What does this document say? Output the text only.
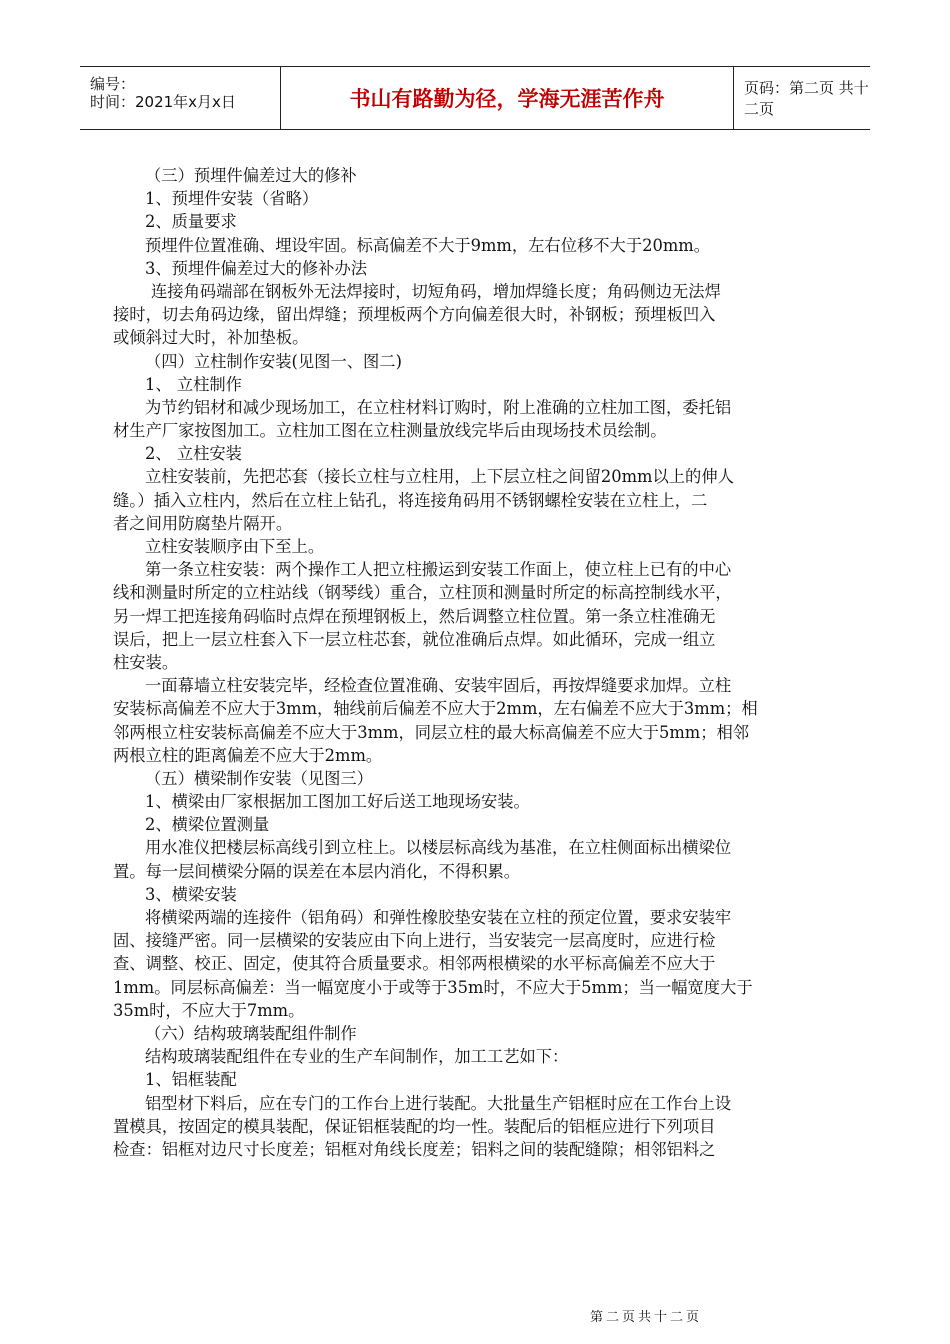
编号：
时间：2021年x月x日	书山有路勤为径，学海无涯苦作舟	页码：第二页 共十二页
（三）预埋件偏差过大的修补
1、预埋件安装（省略）
2、质量要求
预埋件位置准确、埋设牢固。标高偏差不大于9mm，左右位移不大于20mm。
3、预埋件偏差过大的修补办法
连接角码端部在钢板外无法焊接时，切短角码，增加焊缝长度；角码侧边无法焊
接时，切去角码边缘，留出焊缝；预埋板两个方向偏差很大时，补钢板；预埋板凹入
或倾斜过大时，补加垫板。
（四）立柱制作安装(见图一、图二)
1、 立柱制作
为节约铝材和减少现场加工，在立柱材料订购时，附上准确的立柱加工图，委托铝
材生产厂家按图加工。立柱加工图在立柱测量放线完毕后由现场技术员绘制。
2、 立柱安装
立柱安装前，先把芯套（接长立柱与立柱用，上下层立柱之间留20mm以上的伸人
缝。）插入立柱内，然后在立柱上钻孔，将连接角码用不锈钢螺栓安装在立柱上，二
者之间用防腐垫片隔开。
立柱安装顺序由下至上。
第一条立柱安装：两个操作工人把立柱搬运到安装工作面上，使立柱上已有的中心
线和测量时所定的立柱站线（钢琴线）重合，立柱顶和测量时所定的标高控制线水平，
另一焊工把连接角码临时点焊在预埋钢板上，然后调整立柱位置。第一条立柱准确无
误后，把上一层立柱套入下一层立柱芯套，就位准确后点焊。如此循环，完成一组立
柱安装。
一面幕墙立柱安装完毕，经检查位置准确、安装牢固后，再按焊缝要求加焊。立柱
安装标高偏差不应大于3mm，轴线前后偏差不应大于2mm，左右偏差不应大于3mm；相
邻两根立柱安装标高偏差不应大于3mm，同层立柱的最大标高偏差不应大于5mm；相邻
两根立柱的距离偏差不应大于2mm。
（五）横梁制作安装（见图三）
1、横梁由厂家根据加工图加工好后送工地现场安装。
2、横梁位置测量
用水准仪把楼层标高线引到立柱上。以楼层标高线为基准，在立柱侧面标出横梁位
置。每一层间横梁分隔的误差在本层内消化，不得积累。
3、横梁安装
将横梁两端的连接件（铝角码）和弹性橡胶垫安装在立柱的预定位置，要求安装牢
固、接缝严密。同一层横梁的安装应由下向上进行，当安装完一层高度时，应进行检
查、调整、校正、固定，使其符合质量要求。相邻两根横梁的水平标高偏差不应大于
1mm。同层标高偏差：当一幅宽度小于或等于35m时，不应大于5mm；当一幅宽度大于
35m时，不应大于7mm。
（六）结构玻璃装配组件制作
结构玻璃装配组件在专业的生产车间制作，加工工艺如下：
1、铝框装配
铝型材下料后，应在专门的工作台上进行装配。大批量生产铝框时应在工作台上设
置模具，按固定的模具装配，保证铝框装配的均一性。装配后的铝框应进行下列项目
检查：铝框对边尺寸长度差；铝框对角线长度差；铝料之间的装配缝隙；相邻铝料之
第二页共十二页
